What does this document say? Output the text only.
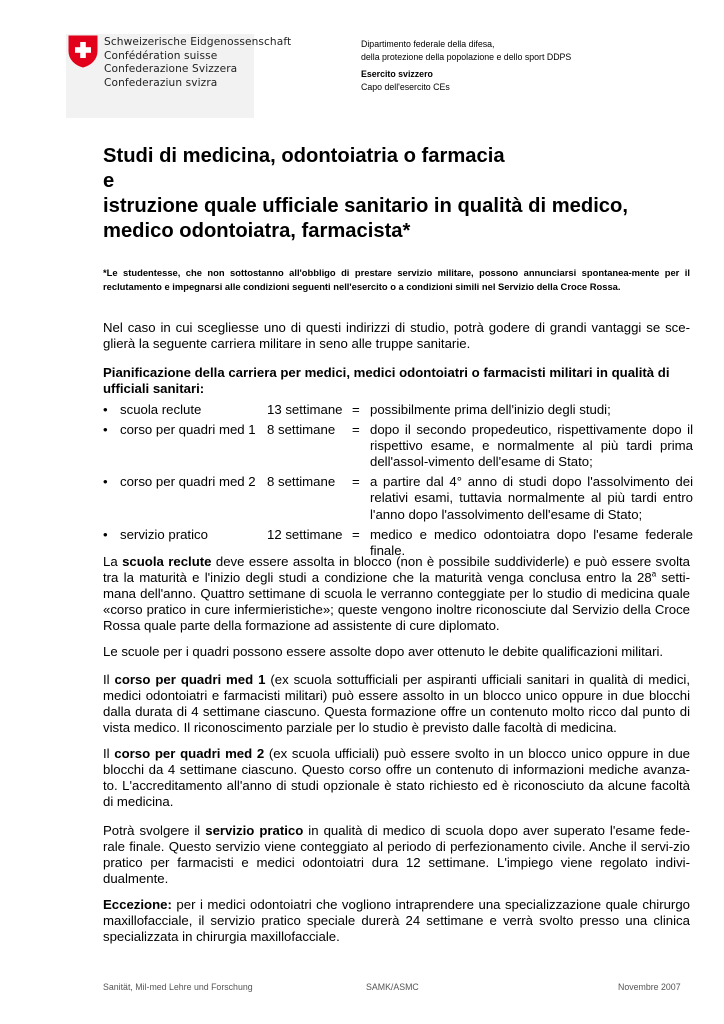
Schweizerische Eidgenossenschaft
Confédération suisse
Confederazione Svizzera
Confederaziun svizra
Dipartimento federale della difesa,
della protezione della popolazione e dello sport DDPS
Esercito svizzero
Capo dell'esercito CEs
Studi di medicina, odontoiatria o farmacia
e
istruzione quale ufficiale sanitario in qualità di medico,
medico odontoiatra, farmacista*
*Le studentesse, che non sottostanno all'obbligo di prestare servizio militare, possono annunciarsi spontanea-mente per il reclutamento e impegnarsi alle condizioni seguenti nell'esercito o a condizioni simili nel Servizio della Croce Rossa.
Nel caso in cui scegliesse uno di questi indirizzi di studio, potrà godere di grandi vantaggi se sce-glierà la seguente carriera militare in seno alle truppe sanitarie.
Pianificazione della carriera per medici, medici odontoiatri o farmacisti militari in qualità di ufficiali sanitari:
• scuola reclute	13 settimane = possibilmente prima dell'inizio degli studi;
• corso per quadri med 1 8 settimane	= dopo il secondo propedeutico, rispettivamente dopo il rispettivo esame, e normalmente al più tardi prima dell'assol-vimento dell'esame di Stato;
• corso per quadri med 2 8 settimane	= a partire dal 4° anno di studi dopo l'assolvimento dei relativi esami, tuttavia normalmente al più tardi entro l'anno dopo l'assolvimento dell'esame di Stato;
• servizio pratico	12 settimane = medico e medico odontoiatra dopo l'esame federale finale.
La scuola reclute deve essere assolta in blocco (non è possibile suddividerle) e può essere svolta tra la maturità e l'inizio degli studi a condizione che la maturità venga conclusa entro la 28$^a$ setti-mana dell'anno. Quattro settimane di scuola le verranno conteggiate per lo studio di medicina quale «corso pratico in cure infermieristiche»; queste vengono inoltre riconosciute dal Servizio della Croce Rossa quale parte della formazione ad assistente di cure diplomato.
Le scuole per i quadri possono essere assolte dopo aver ottenuto le debite qualificazioni militari.
Il corso per quadri med 1 (ex scuola sottufficiali per aspiranti ufficiali sanitari in qualità di medici, medici odontoiatri e farmacisti militari) può essere assolto in un blocco unico oppure in due blocchi dalla durata di 4 settimane ciascuno. Questa formazione offre un contenuto molto ricco dal punto di vista medico. Il riconoscimento parziale per lo studio è previsto dalle facoltà di medicina.
Il corso per quadri med 2 (ex scuola ufficiali) può essere svolto in un blocco unico oppure in due blocchi da 4 settimane ciascuno. Questo corso offre un contenuto di informazioni mediche avanza-to. L'accreditamento all'anno di studi opzionale è stato richiesto ed è riconosciuto da alcune facoltà di medicina.
Potrà svolgere il servizio pratico in qualità di medico di scuola dopo aver superato l'esame fede-rale finale. Questo servizio viene conteggiato al periodo di perfezionamento civile. Anche il servi-zio pratico per farmacisti e medici odontoiatri dura 12 settimane. L'impiego viene regolato indivi-dualmente.
Eccezione: per i medici odontoiatri che vogliono intraprendere una specializzazione quale chirurgo maxillofacciale, il servizio pratico speciale durerà 24 settimane e verrà svolto presso una clinica specializzata in chirurgia maxillofacciale.
Sanität, Mil-med Lehre und Forschung	SAMK/ASMC	Novembre 2007
